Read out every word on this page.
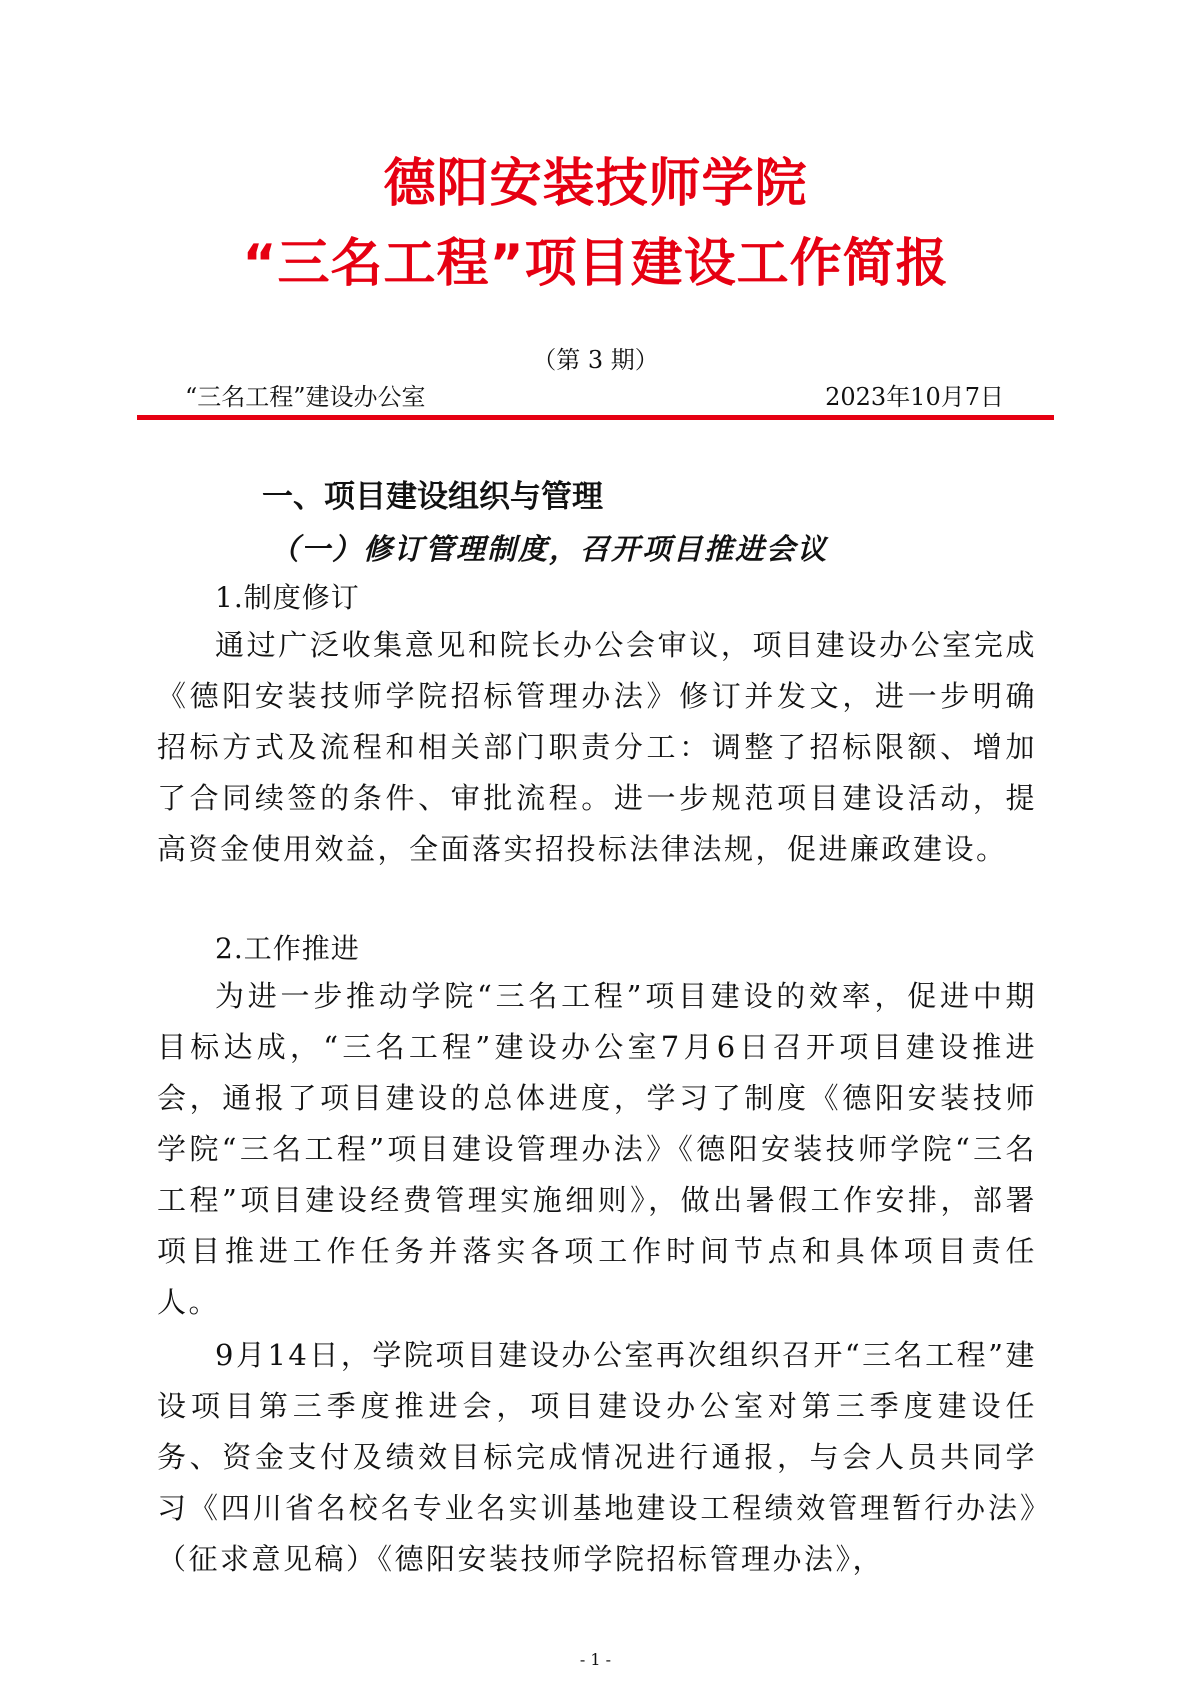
德阳安装技师学院
“三名工程”项目建设工作简报
（第 3 期）
“三名工程”建设办公室	2023年10月7日
一、项目建设组织与管理
（一）修订管理制度，召开项目推进会议
1.制度修订

通过广泛收集意见和院长办公会审议，项目建设办公室完成《德阳安装技师学院招标管理办法》修订并发文，进一步明确招标方式及流程和相关部门职责分工：调整了招标限额、增加了合同续签的条件、审批流程。进一步规范项目建设活动，提高资金使用效益，全面落实招投标法律法规，促进廉政建设。

2.工作推进

为进一步推动学院“三名工程”项目建设的效率，促进中期目标达成，“三名工程”建设办公室7月6日召开项目建设推进会，通报了项目建设的总体进度，学习了制度《德阳安装技师学院“三名工程”项目建设管理办法》《德阳安装技师学院“三名工程”项目建设经费管理实施细则》，做出暑假工作安排，部署项目推进工作任务并落实各项工作时间节点和具体项目责任人。

9月14日，学院项目建设办公室再次组织召开“三名工程”建设项目第三季度推进会，项目建设办公室对第三季度建设任务、资金支付及绩效目标完成情况进行通报，与会人员共同学习《四川省名校名专业名实训基地建设工程绩效管理暂行办法》（征求意见稿）《德阳安装技师学院招标管理办法》，

- 1 -
